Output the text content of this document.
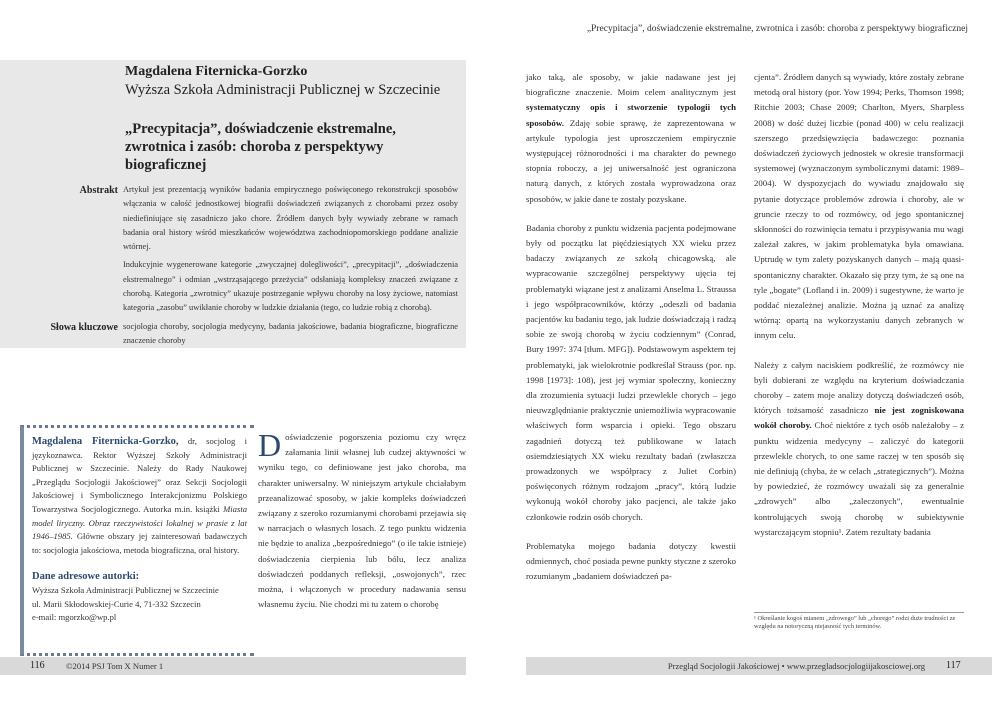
„Precypitacja”, doświadczenie ekstremalne, zwrotnica i zasób: choroba z perspektywy biograficznej
Magdalena Fiternicka-Gorzko
Wyższa Szkoła Administracji Publicznej w Szczecinie
„Precypitacja”, doświadczenie ekstremalne, zwrotnica i zasób: choroba z perspektywy biograficznej
Abstrakt Artykuł jest prezentacją wyników badania empirycznego poświęconego rekonstrukcji sposobów włączania w całość jednostkowej biografii doświadczeń związanych z chorobami przez osoby niediefiniujące się zasadniczo jako chore. Źródłem danych były wywiady zebrane w ramach badania oral history wśród mieszkańców województwa zachodniopomorskiego poddane analizie wtórnej.

Indukcyjnie wygenerowane kategorie „zwyczajnej dolegliwości”, „precypitacji”, „doświadczenia ekstremalnego” i odmian „wstrząsającego przeżycia” odsłaniają kompleksy znaczeń związane z chorobą. Kategoria „zwrotnicy” ukazuje postrzeganie wpływu choroby na losy życiowe, natomiast kategoria „zasobu” uwikłanie choroby w ludzkie działania (tego, co ludzie robią z chorobą).

Słowa kluczowe socjologia choroby, socjologia medycyny, badania jakościowe, badania biograficzne, biograficzne znaczenie choroby
Magdalena Fiternicka-Gorzko, dr, socjolog i językoznawca. Rektor Wyższej Szkoły Administracji Publicznej w Szczecinie. Należy do Rady Naukowej „Przeglądu Socjologii Jakościowej” oraz Sekcji Socjologii Jakościowej i Symbolicznego Interakcjonizmu Polskiego Towarzystwa Socjologicznego. Autorka m.in. książki Miasta model liryczny. Obraz rzeczywistości lokalnej w prasie z lat 1946–1985. Główne obszary jej zainteresowań badawczych to: socjologia jakościowa, metoda biograficzna, oral history.
Dane adresowe autorki:
Wyższa Szkoła Administracji Publicznej w Szczecinie
ul. Marii Skłodowskiej-Curie 4, 71-332 Szczecin
e-mail: mgorzko@wp.pl
Doświadczenie pogorszenia poziomu czy wręcz załamania linii własnej lub cudzej aktywności w wyniku tego, co definiowane jest jako choroba, ma charakter uniwersalny. W niniejszym artykule chciałabym przeanalizować sposoby, w jakie kompleks doświadczeń związany z szeroko rozumianymi chorobami przejawia się w narracjach o własnych losach. Z tego punktu widzenia nie będzie to analiza „bezpośredniego” (o ile takie istnieje) doświadczenia cierpienia lub bólu, lecz analiza doświadczeń poddanych refleksji, „oswojonych”, rzec można, i włączonych w procedury nadawania sensu własnemu życiu. Nie chodzi mi tu zatem o chorobę

jako taką, ale sposoby, w jakie nadawane jest jej biograficzne znaczenie. Moim celem analitycznym jest systematyczny opis i stworzenie typologii tych sposobów. Zdaję sobie sprawę, że zaprezentowana w artykule typologia jest uproszczeniem empirycznie występującej różnorodności i ma charakter do pewnego stopnia roboczy, a jej uniwersalność jest ograniczona naturą danych, z których została wyprowadzona oraz sposobów, w jakie dane te zostały pozyskane.

Badania choroby z punktu widzenia pacjenta podejmowane były od początku lat pięćdziesiątych XX wieku przez badaczy związanych ze szkołą chicagowską, ale wypracowanie szczególnej perspektywy ujęcia tej problematyki wiązane jest z analizami Anselma L. Straussa i jego współpracowników, którzy „odeszli od badania pacjentów ku badaniu tego, jak ludzie doświadczają i radzą sobie ze swoją chorobą w życiu codziennym” (Conrad, Bury 1997: 374 [tłum. MFG]). Podstawowym aspektem tej problematyki, jak wielokrotnie podkreślał Strauss (por. np. 1998 [1973]: 108), jest jej wymiar społeczny, konieczny dla zrozumienia sytuacji ludzi przewlekle chorych – jego nieuwzględnianie praktycznie uniemożliwia wypracowanie właściwych form wsparcia i opieki. Tego obszaru zagadnień dotyczą też publikowane w latach osiemdziesiątych XX wieku rezultaty badań (zwłaszcza prowadzonych we współpracy z Juliet Corbin) poświęconych różnym rodzajom „pracy”, którą ludzie wykonują wokół choroby jako pacjenci, ale także jako członkowie rodzin osób chorych.

Problematyka mojego badania dotyczy kwestii odmiennych, choć posiada pewne punkty styczne z szeroko rozumianym „badaniem doświadczeń pa-

cjenta”. Źródłem danych są wywiady, które zostały zebrane metodą oral history (por. Yow 1994; Perks, Thomson 1998; Ritchie 2003; Chase 2009; Charlton, Myers, Sharpless 2008) w dość dużej liczbie (ponad 400) w celu realizacji szerszego przedsięwzięcia badawczego: poznania doświadczeń życiowych jednostek w okresie transformacji systemowej (wyznaczonym symbolicznymi datami: 1989–2004). W dyspozycjach do wywiadu znajdowało się pytanie dotyczące problemów zdrowia i choroby, ale w gruncie rzeczy to od rozmówcy, od jego spontanicznej skłonności do rozwinięcia tematu i przypisywania mu wagi zależał zakres, w jakim problematyka była omawiana. Uptrudę w tym zalety pozyskanych danych – mają quasi-spontaniczny charakter. Okazało się przy tym, że są one na tyle „bogate” (Lofland i in. 2009) i sugestywne, że warto je poddać niezależnej analizie. Można ją uznać za analizę wtórną: opartą na wykorzystaniu danych zebranych w innym celu.

Należy z całym naciskiem podkreślić, że rozmówcy nie byli dobierani ze względu na kryterium doświadczania choroby – zatem moje analizy dotyczą doświadczeń osób, których tożsamość zasadniczo nie jest zogniskowana wokół choroby. Choć niektóre z tych osób należałoby – z punktu widzenia medycyny – zaliczyć do kategorii przewlekle chorych, to one same raczej w ten sposób się nie definiują (chyba, że w celach „strategicznych”). Można by powiedzieć, że rozmówcy uważali się za generalnie „zdrowych” albo „zaleczonych”, ewentualnie kontrolujących swoją chorobę w subiektywnie wystarczającym stopniu¹. Zatem rezultaty badania

¹ Określanie kogoś mianem „zdrowego” lub „chorego” rodzi duże trudności ze względu na notoryczną niejasność tych terminów.
116 ©2014 PSJ Tom X Numer 1	Przegląd Socjologii Jakościowej • www.przegladsocjologiijakosciowej.org 117
